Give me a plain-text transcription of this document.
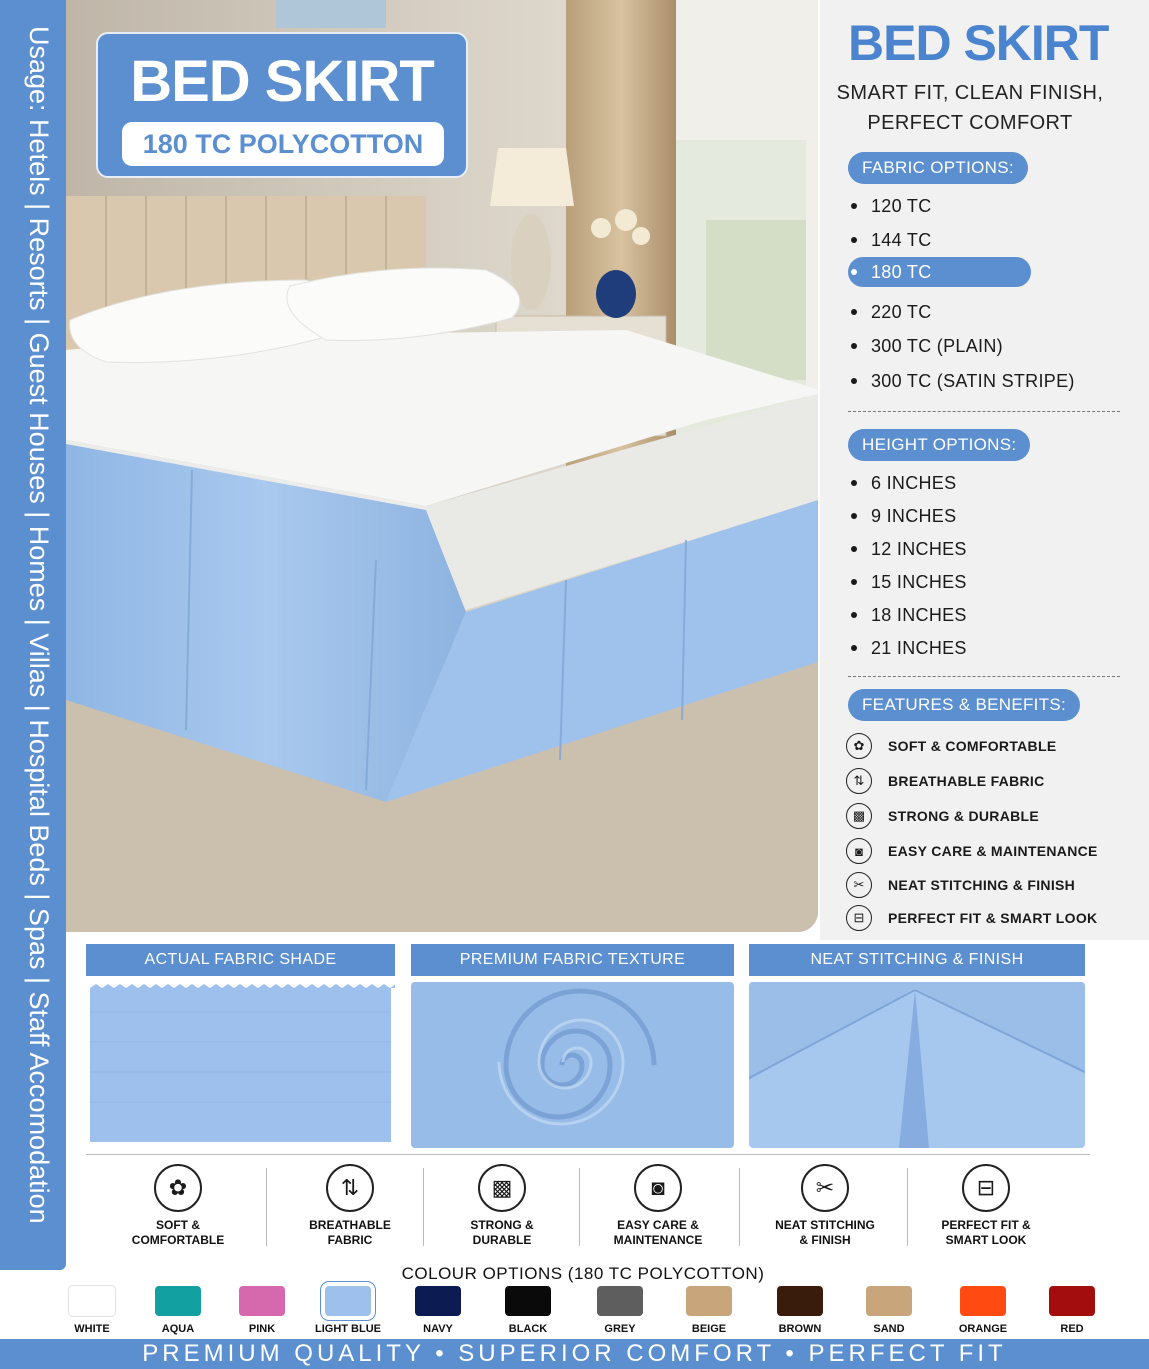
Usage: Hetels | Resorts | Guest Houses | Homes | Villas | Hospital Beds | Spas | Staff Accomodation	BED SKIRT
180 TC POLYCOTTON
BED SKIRT
SMART FIT, CLEAN FINISH,
PERFECT COMFORT
FABRIC OPTIONS:
120 TC
144 TC
180 TC
220 TC
300 TC (PLAIN)
300 TC (SATIN STRIPE)
HEIGHT OPTIONS:
6 INCHES
9 INCHES
12 INCHES
15 INCHES
18 INCHES
21 INCHES
FEATURES & BENEFITS:
✿	SOFT & COMFORTABLE
⇅	BREATHABLE FABRIC
▩	STRONG & DURABLE
◙	EASY CARE & MAINTENANCE
✂	NEAT STITCHING & FINISH
⊟	PERFECT FIT & SMART LOOK
ACTUAL FABRIC SHADE	PREMIUM FABRIC TEXTURE	NEAT STITCHING & FINISH
✿
SOFT &
COMFORTABLE
⇅
BREATHABLE
FABRIC
▩
STRONG &
DURABLE
◙
EASY CARE &
MAINTENANCE
✂
NEAT STITCHING
& FINISH
⊟
PERFECT FIT &
SMART LOOK
COLOUR OPTIONS (180 TC POLYCOTTON)
WHITE	AQUA	PINK	LIGHT BLUE	NAVY	BLACK	GREY	BEIGE	BROWN	SAND	ORANGE	RED
PREMIUM QUALITY • SUPERIOR COMFORT • PERFECT FIT
